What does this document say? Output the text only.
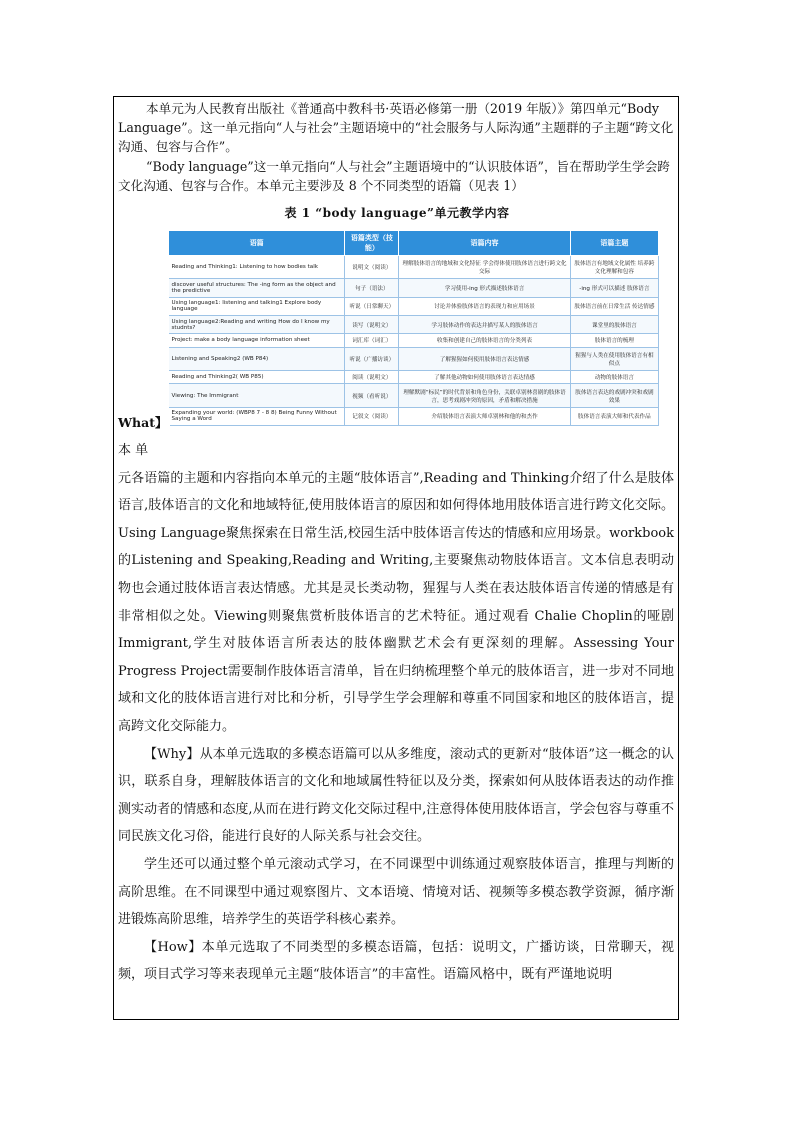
本单元为人民教育出版社《普通高中教科书·英语必修第一册（2019 年版）》第四单元“Body Language”。这一单元指向“人与社会”主题语境中的“社会服务与人际沟通”主题群的子主题“跨文化沟通、包容与合作”。

“Body language”这一单元指向“人与社会”主题语境中的“认识肢体语”，旨在帮助学生学会跨文化沟通、包容与合作。本单元主要涉及 8 个不同类型的语篇（见表 1）

表 1 “body language”单元教学内容
语篇	语篇类型（技能）	语篇内容	语篇主题
Reading and Thinking1: Listening to how bodies talk	说明文（阅读）	理解肢体语言的地域和文化特征 学会得体使用肢体语言进行跨文化交际	肢体语言有地域文化属性 培养跨文化理解和包容
discover useful structures: The -ing form as the object and the predictive	句子（语法）	学习使用-ing 形式描述肢体语言	-ing 形式可以描述 肢体语言
Using language1: listening and talking1 Explore body language	听说（日常聊天）	讨论并体验肢体语言的表现力和应用场景	肢体语言前在日常生活 传达情感
Using language2:Reading and writing How do I know my studnts?	读写（说明文）	学习肢体动作的表达并描写某人的肢体语言	课堂里的肢体语言
Project: make a body language information sheet	词汇库（词汇）	收集和创建自己的肢体语言的分类列表	肢体语言的梳理
Listening and Speaking2 (WB P84)	听说（广播访谈）	了解猩猩如何使用肢体语言表达情感	猩猩与人类在使用肢体语言有相似点
Reading and Thinking2( WB P85)	阅读（说明文）	了解其他动物如何使用肢体语言表达情感	动物的肢体语言
Viewing: The Immigrant	视频（看听说）	理解默剧“标民”的时代背景和角色身份，关联卓别林喜剧的肢体语言，思考戏剧冲突的原因，矛盾和解决措施	肢体语言表达的戏剧冲突和戏剧效果
Expanding your world: (WBP8 7 - 8 8) Being Funny Without Saying a Word	记叙文（阅读）	介绍肢体语言表演大师卓别林和他的和杰作	肢体语言表演大师和代表作品
What】

本 单

元各语篇的主题和内容指向本单元的主题“肢体语言”,Reading and Thinking介绍了什么是肢体语言,肢体语言的文化和地域特征,使用肢体语言的原因和如何得体地用肢体语言进行跨文化交际。Using Language聚焦探索在日常生活,校园生活中肢体语言传达的情感和应用场景。workbook 的Listening and Speaking,Reading and Writing,主要聚焦动物肢体语言。文本信息表明动物也会通过肢体语言表达情感。尤其是灵长类动物，猩猩与人类在表达肢体语言传递的情感是有非常相似之处。Viewing则聚焦赏析肢体语言的艺术特征。通过观看 Chalie Choplin的哑剧 Immigrant,学生对肢体语言所表达的肢体幽默艺术会有更深刻的理解。Assessing Your Progress Project需要制作肢体语言清单，旨在归纳梳理整个单元的肢体语言，进一步对不同地域和文化的肢体语言进行对比和分析，引导学生学会理解和尊重不同国家和地区的肢体语言，提高跨文化交际能力。

【Why】从本单元选取的多模态语篇可以从多维度，滚动式的更新对“肢体语”这一概念的认识，联系自身，理解肢体语言的文化和地域属性特征以及分类，探索如何从肢体语表达的动作推测实动者的情感和态度,从而在进行跨文化交际过程中,注意得体使用肢体语言，学会包容与尊重不同民族文化习俗，能进行良好的人际关系与社会交往。

学生还可以通过整个单元滚动式学习，在不同课型中训练通过观察肢体语言，推理与判断的高阶思维。在不同课型中通过观察图片、文本语境、情境对话、视频等多模态教学资源，循序渐进锻炼高阶思维，培养学生的英语学科核心素养。

【How】本单元选取了不同类型的多模态语篇，包括：说明文，广播访谈，日常聊天，视频，项目式学习等来表现单元主题“肢体语言”的丰富性。语篇风格中，既有严谨地说明
